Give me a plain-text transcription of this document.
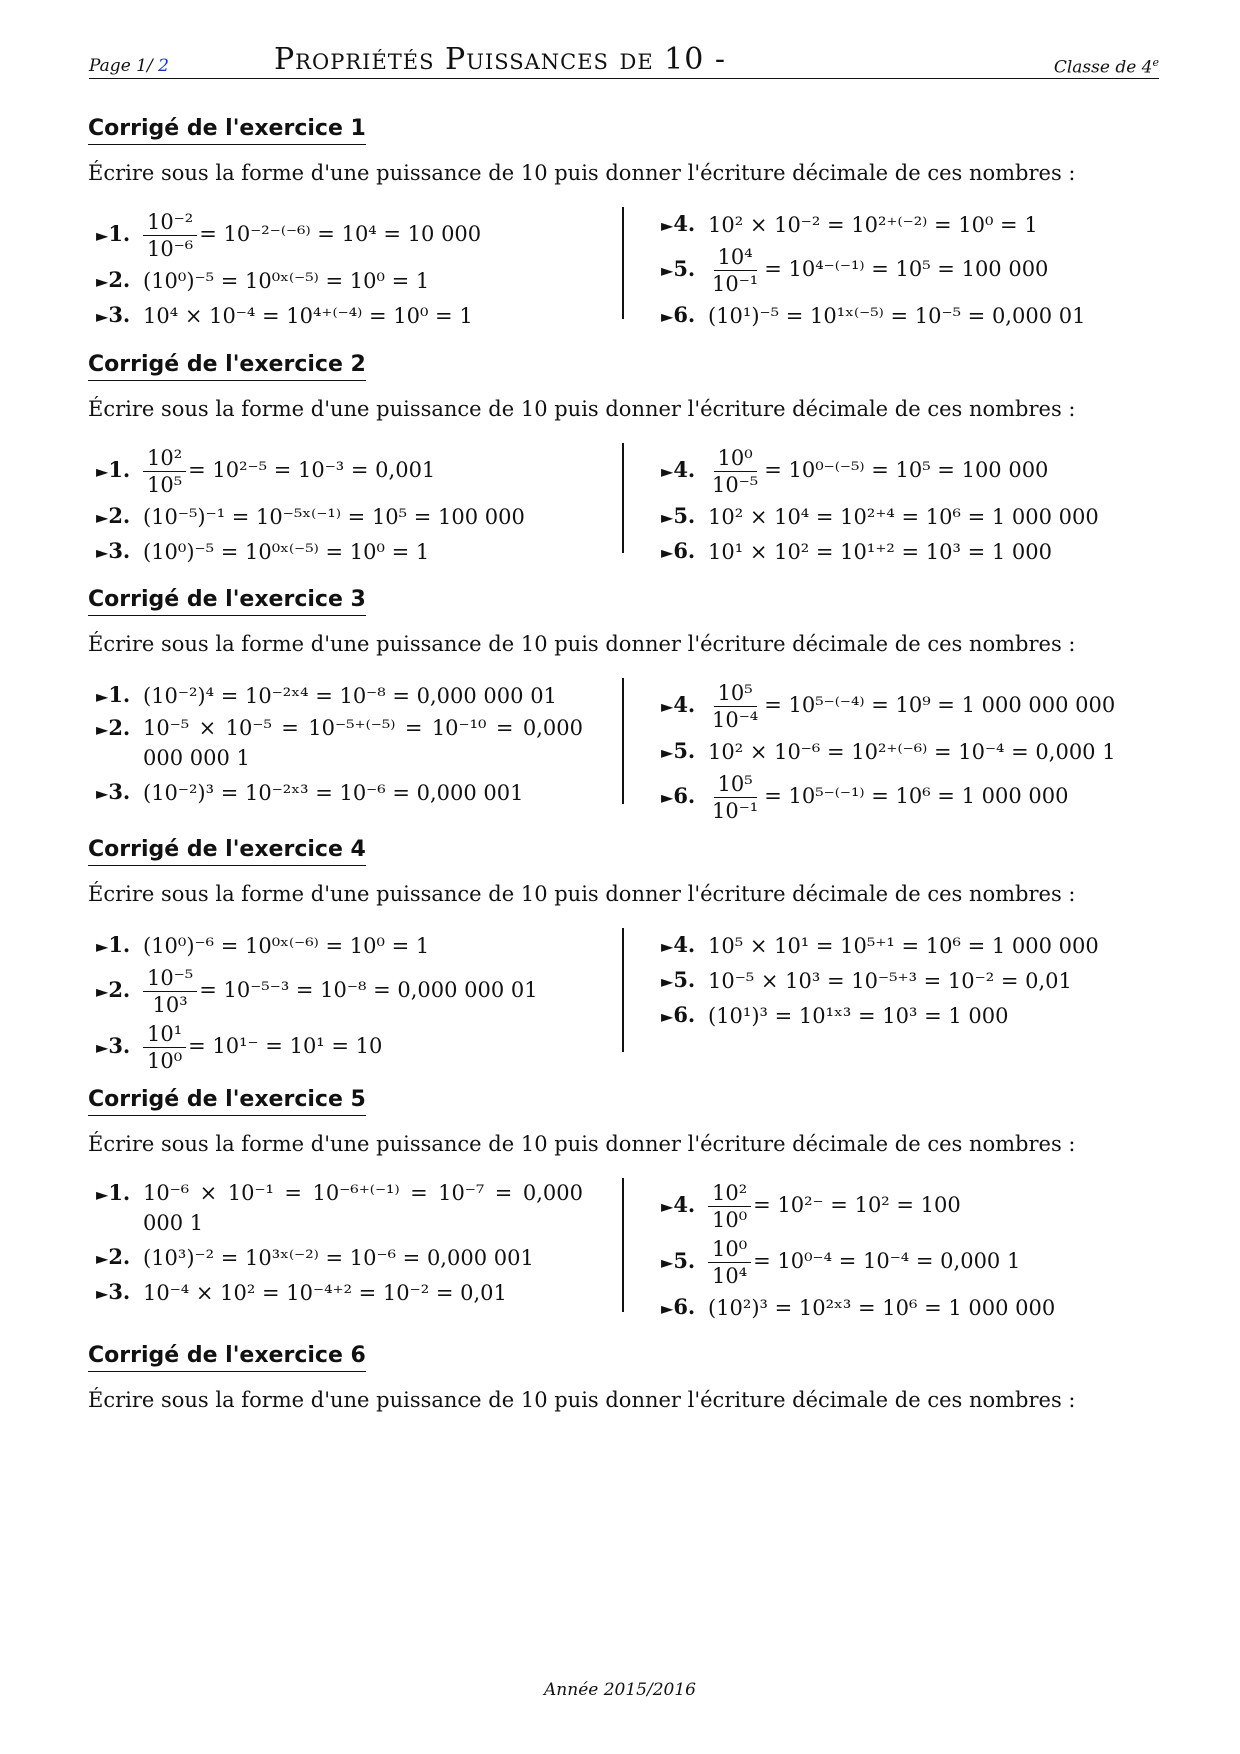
Page 1/ 2	Propriétés Puissances de 10 -	Classe de 4e
Corrigé de l'exercice 1
Écrire sous la forme d'une puissance de 10 puis donner l'écriture décimale de ces nombres :
►1. $\frac{\text{10⁻²}}{\text{10⁻⁶}} = 10^{-2-(-6)} = 10^4 = 10$ 000
►2. (10⁰)⁻⁵ = 10⁰ˣ⁽⁻⁵⁾ = 10⁰ = 1
►3. 10⁴ × 10⁻⁴ = 10⁴⁺⁽⁻⁴⁾ = 10⁰ = 1
►4. 10² × 10⁻² = 10²⁺⁽⁻²⁾ = 10⁰ = 1
►5. $\frac{\text{10⁴}}{\text{10⁻¹}} = 10^{4-(-1)} = 10^5 = 100$ 000
►6. (10¹)⁻⁵ = 10¹ˣ⁽⁻⁵⁾ = 10⁻⁵ = 0,000 01
Corrigé de l'exercice 2
Écrire sous la forme d'une puissance de 10 puis donner l'écriture décimale de ces nombres :
►1. $\frac{\text{10²}}{\text{10⁵}} = 10^{2-5} = 10^{-3} = 0,001$
►2. (10⁻⁵)⁻¹ = 10⁻⁵ˣ⁽⁻¹⁾ = 10⁵ = 100 000
►3. (10⁰)⁻⁵ = 10⁰ˣ⁽⁻⁵⁾ = 10⁰ = 1
►4. $\frac{\text{10⁰}}{\text{10⁻⁵}} = 10^{0-(-5)} = 10^5 = 100$ 000
►5. 10² × 10⁴ = 10²⁺⁴ = 10⁶ = 1 000 000
►6. 10¹ × 10² = 10¹⁺² = 10³ = 1 000
Corrigé de l'exercice 3
Écrire sous la forme d'une puissance de 10 puis donner l'écriture décimale de ces nombres :
►1. (10⁻²)⁴ = 10⁻²ˣ⁴ = 10⁻⁸ = 0,000 000 01
►2. 10⁻⁵ × 10⁻⁵ = 10⁻⁵⁺⁽⁻⁵⁾ = 10⁻¹⁰ = 0,000 000 000 1
►3. (10⁻²)³ = 10⁻²ˣ³ = 10⁻⁶ = 0,000 001
►4. $\frac{\text{10⁵}}{\text{10⁻⁴}} = 10^{5-(-4)} = 10^9 = 1$ 000 000 000
►5. 10² × 10⁻⁶ = 10²⁺⁽⁻⁶⁾ = 10⁻⁴ = 0,000 1
►6. $\frac{\text{10⁵}}{\text{10⁻¹}} = 10^{5-(-1)} = 10^6 = 1$ 000 000
Corrigé de l'exercice 4
Écrire sous la forme d'une puissance de 10 puis donner l'écriture décimale de ces nombres :
►1. (10⁰)⁻⁶ = 10⁰ˣ⁽⁻⁶⁾ = 10⁰ = 1
►2. $\frac{\text{10⁻⁵}}{\text{10³}} = 10^{-5-3} = 10^{-8} = 0,000$ 000 01
►3. $\frac{\text{10¹}}{\text{10⁰}} = 10^{1-} = 10^1 = 10$
►4. 10⁵ × 10¹ = 10⁵⁺¹ = 10⁶ = 1 000 000
►5. 10⁻⁵ × 10³ = 10⁻⁵⁺³ = 10⁻² = 0,01
►6. (10¹)³ = 10¹ˣ³ = 10³ = 1 000
Corrigé de l'exercice 5
Écrire sous la forme d'une puissance de 10 puis donner l'écriture décimale de ces nombres :
►1. 10⁻⁶ × 10⁻¹ = 10⁻⁶⁺⁽⁻¹⁾ = 10⁻⁷ = 0,000 000 1
►2. (10³)⁻² = 10³ˣ⁽⁻²⁾ = 10⁻⁶ = 0,000 001
►3. 10⁻⁴ × 10² = 10⁻⁴⁺² = 10⁻² = 0,01
►4. $\frac{\text{10²}}{\text{10⁰}} = 10^{2-} = 10^2 = 100$
►5. $\frac{\text{10⁰}}{\text{10⁴}} = 10^{0-4} = 10^{-4} = 0,000$ 1
►6. (10²)³ = 10²ˣ³ = 10⁶ = 1 000 000
Corrigé de l'exercice 6
Écrire sous la forme d'une puissance de 10 puis donner l'écriture décimale de ces nombres :
Année 2015/2016
